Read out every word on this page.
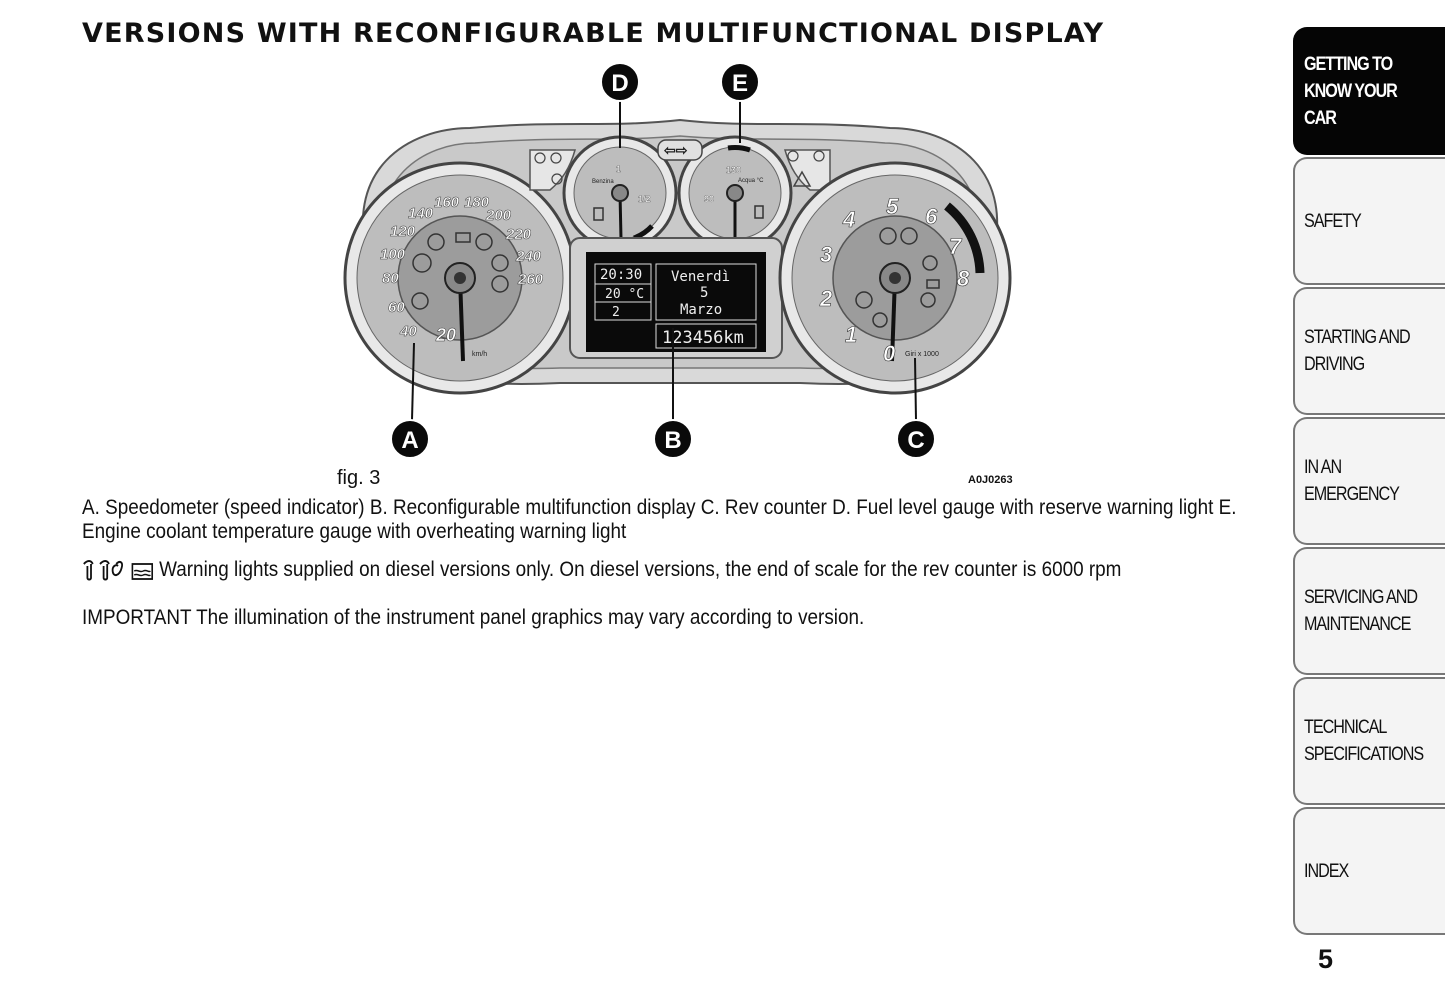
VERSIONS WITH RECONFIGURABLE MULTIFUNCTIONAL DISPLAY
20
40
60
80
100
120
140
160 180
200
220
240
260
km/h
1
1/2
Benzina
130
90
Acqua °C
⇦⇨
20:30
20 °C
2
Venerdì
5
Marzo
123456km
0
1
2
3
4
5 6
7
8
Giri x 1000
D	E
A	B	C
fig. 3	A0J0263
A. Speedometer (speed indicator) B. Reconfigurable multifunction display C. Rev counter D. Fuel level gauge with reserve warning light E. Engine coolant temperature gauge with overheating warning light
Warning lights supplied on diesel versions only. On diesel versions, the end of scale for the rev counter is 6000 rpm
IMPORTANT The illumination of the instrument panel graphics may vary according to version.
GETTING TO
KNOW YOUR CAR
SAFETY
STARTING AND
DRIVING
IN AN EMERGENCY
SERVICING AND
MAINTENANCE
TECHNICAL
SPECIFICATIONS
INDEX
5
